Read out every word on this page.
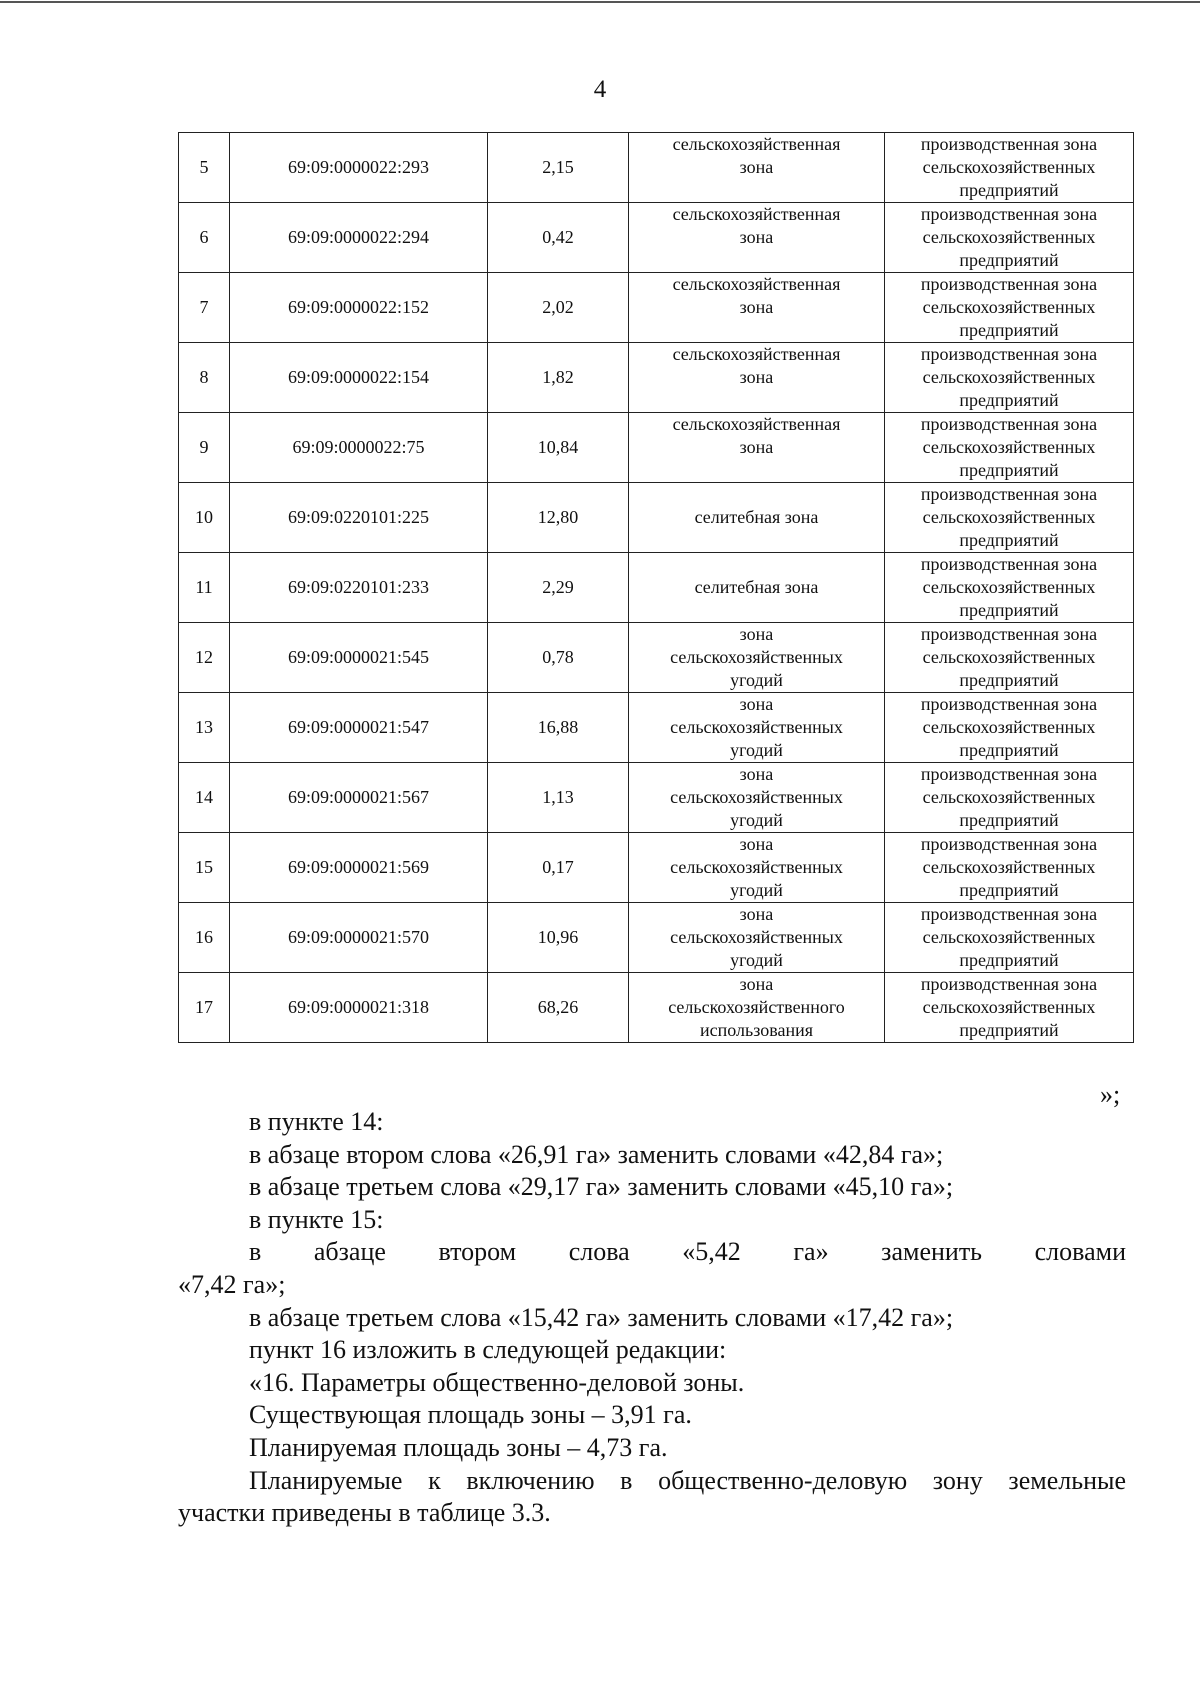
4
5	69:09:0000022:293	2,15	сельскохозяйственная
зона	производственная зона
сельскохозяйственных
предприятий

6	69:09:0000022:294	0,42	сельскохозяйственная
зона	производственная зона
сельскохозяйственных
предприятий

7	69:09:0000022:152	2,02	сельскохозяйственная
зона	производственная зона
сельскохозяйственных
предприятий

8	69:09:0000022:154	1,82	сельскохозяйственная
зона	производственная зона
сельскохозяйственных
предприятий

9	69:09:0000022:75	10,84	сельскохозяйственная
зона	производственная зона
сельскохозяйственных
предприятий

10	69:09:0220101:225	12,80	селитебная зона	производственная зона
сельскохозяйственных
предприятий

11	69:09:0220101:233	2,29	селитебная зона	производственная зона
сельскохозяйственных
предприятий

12	69:09:0000021:545	0,78	зона
сельскохозяйственных
угодий	производственная зона
сельскохозяйственных
предприятий

13	69:09:0000021:547	16,88	зона
сельскохозяйственных
угодий	производственная зона
сельскохозяйственных
предприятий

14	69:09:0000021:567	1,13	зона
сельскохозяйственных
угодий	производственная зона
сельскохозяйственных
предприятий

15	69:09:0000021:569	0,17	зона
сельскохозяйственных
угодий	производственная зона
сельскохозяйственных
предприятий

16	69:09:0000021:570	10,96	зона
сельскохозяйственных
угодий	производственная зона
сельскохозяйственных
предприятий

17	69:09:0000021:318	68,26	зона
сельскохозяйственного
использования	производственная зона
сельскохозяйственных
предприятий
»;
в пункте 14:
в абзаце втором слова «26,91 га» заменить словами «42,84 га»;
в абзаце третьем слова «29,17 га» заменить словами «45,10 га»;
в пункте 15:
в абзаце втором слова «5,42 га» заменить словами
«7,42 га»;
в абзаце третьем слова «15,42 га» заменить словами «17,42 га»;
пункт 16 изложить в следующей редакции:
«16. Параметры общественно-деловой зоны.
Существующая площадь зоны – 3,91 га.
Планируемая площадь зоны – 4,73 га.
Планируемые к включению в общественно-деловую зону земельные
участки приведены в таблице 3.3.
